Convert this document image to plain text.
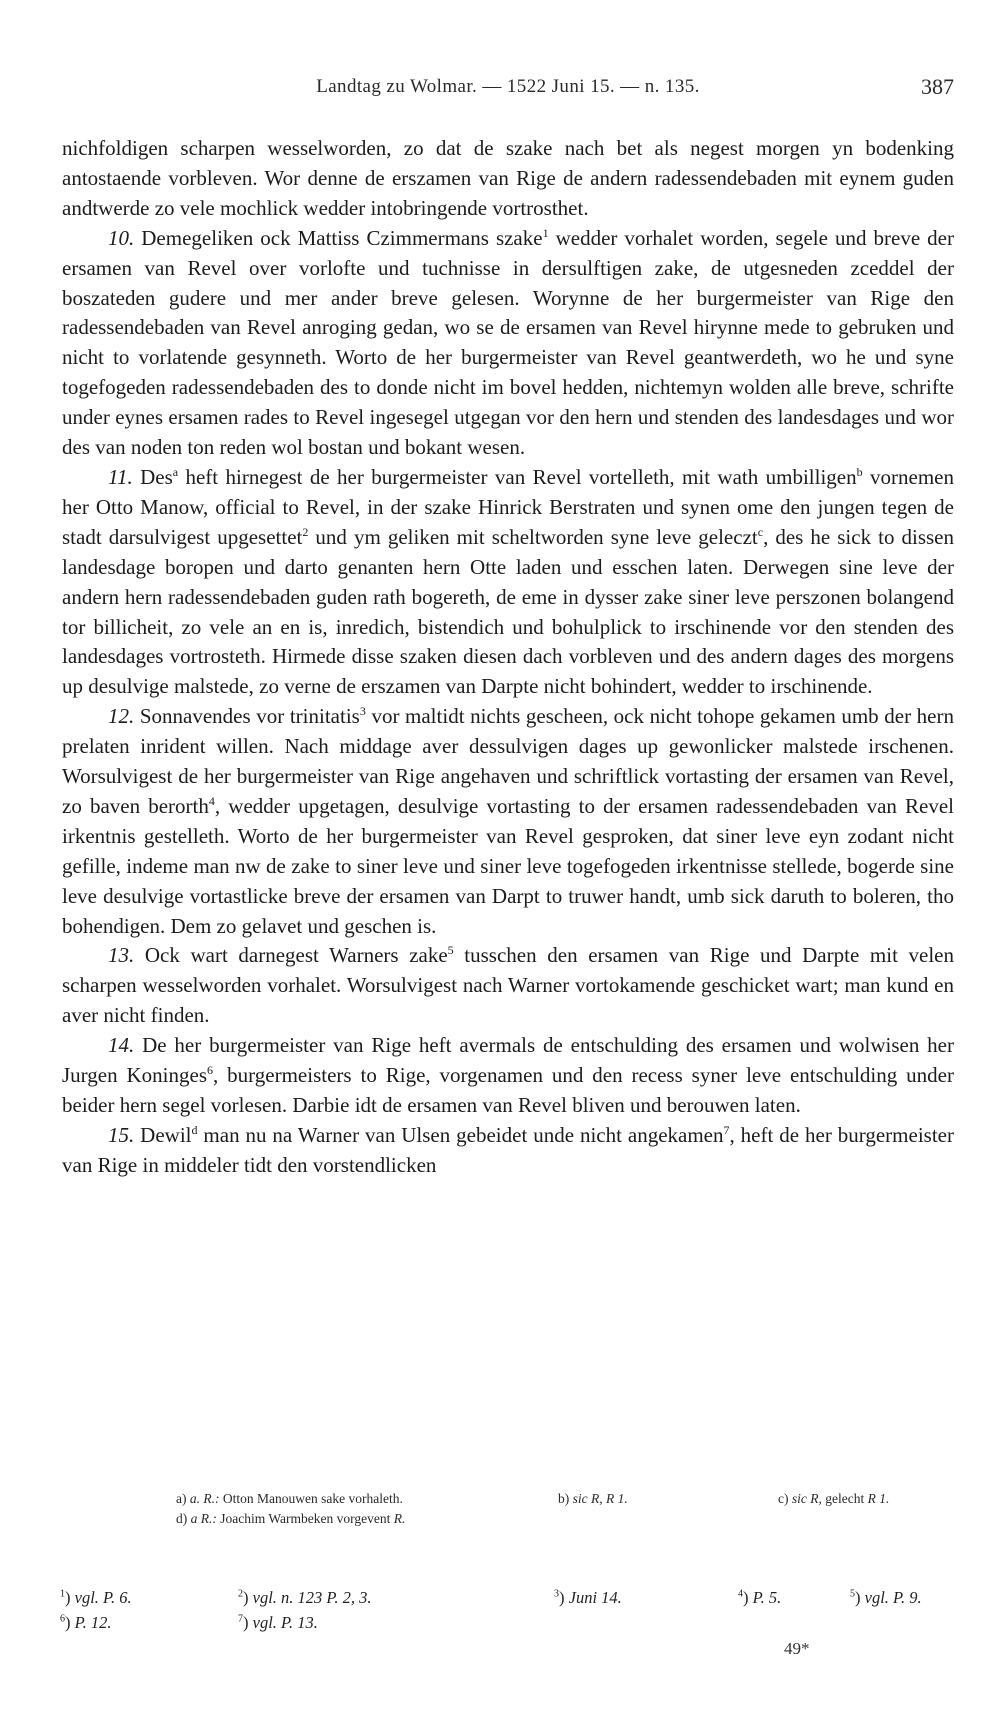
Landtag zu Wolmar. — 1522 Juni 15. — n. 135.	387

nichfoldigen scharpen wesselworden, zo dat de szake nach bet als negest morgen yn bodenking antostaende vorbleven. Wor denne de erszamen van Rige de andern radessendebaden mit eynem guden andtwerde zo vele mochlick wedder intobringende vortrosthet.

10. Demegeliken ock Mattiss Czimmermans szake$^1$ wedder vorhalet worden, segele und breve der ersamen van Revel over vorlofte und tuchnisse in dersulftigen zake, de utgesneden zceddel der boszateden gudere und mer ander breve gelesen. Worynne de her burgermeister van Rige den radessendebaden van Revel anroging gedan, wo se de ersamen van Revel hirynne mede to gebruken und nicht to vorlatende gesynneth. Worto de her burgermeister van Revel geantwerdeth, wo he und syne togefogeden radessendebaden des to donde nicht im bovel hedden, nichtemyn wolden alle breve, schrifte under eynes ersamen rades to Revel ingesegel utgegan vor den hern und stenden des landesdages und wor des van noden ton reden wol bostan und bokant wesen.

11. Des$^a$ heft hirnegest de her burgermeister van Revel vortelleth, mit wath umbilligen$^b$ vornemen her Otto Manow, official to Revel, in der szake Hinrick Berstraten und synen ome den jungen tegen de stadt darsulvigest upgesettet$^2$ und ym geliken mit scheltworden syne leve geleczt$^c$, des he sick to dissen landesdage boropen und darto genanten hern Otte laden und esschen laten. Derwegen sine leve der andern hern radessendebaden guden rath bogereth, de eme in dysser zake siner leve perszonen bolangend tor billicheit, zo vele an en is, inredich, bistendich und bohulplick to irschinende vor den stenden des landesdages vortrosteth. Hirmede disse szaken diesen dach vorbleven und des andern dages des morgens up desulvige malstede, zo verne de erszamen van Darpte nicht bohindert, wedder to irschinende.

12. Sonnavendes vor trinitatis$^3$ vor maltidt nichts gescheen, ock nicht tohope gekamen umb der hern prelaten inrident willen. Nach middage aver dessulvigen dages up gewonlicker malstede irschenen. Worsulvigest de her burgermeister van Rige angehaven und schriftlick vortasting der ersamen van Revel, zo baven berorth$^4$, wedder upgetagen, desulvige vortasting to der ersamen radessendebaden van Revel irkentnis gestelleth. Worto de her burgermeister van Revel gesproken, dat siner leve eyn zodant nicht gefille, indeme man nw de zake to siner leve und siner leve togefogeden irkentnisse stellede, bogerde sine leve desulvige vortastlicke breve der ersamen van Darpt to truwer handt, umb sick daruth to boleren, tho bohendigen. Dem zo gelavet und geschen is.

13. Ock wart darnegest Warners zake$^5$ tusschen den ersamen van Rige und Darpte mit velen scharpen wesselworden vorhalet. Worsulvigest nach Warner vortokamende geschicket wart; man kund en aver nicht finden.

14. De her burgermeister van Rige heft avermals de entschulding des ersamen und wolwisen her Jurgen Koninges$^6$, burgermeisters to Rige, vorgenamen und den recess syner leve entschulding under beider hern segel vorlesen. Darbie idt de ersamen van Revel bliven und berouwen laten.

15. Dewil$^d$ man nu na Warner van Ulsen gebeidet unde nicht angekamen$^7$, heft de her burgermeister van Rige in middeler tidt den vorstendlicken

a) a. R.: Otton Manouwen sake vorhaleth.	b) sic R, R 1.	c) sic R, gelecht R 1.
d) a R.: Joachim Warmbeken vorgevent R.
$^1$) vgl. P. 6.	$^2$) vgl. n. 123 P. 2, 3.	$^3$) Juni 14.	$^4$) P. 5.	$^5$) vgl. P. 9.
$^6$) P. 12.	$^7$) vgl. P. 13.
49*
